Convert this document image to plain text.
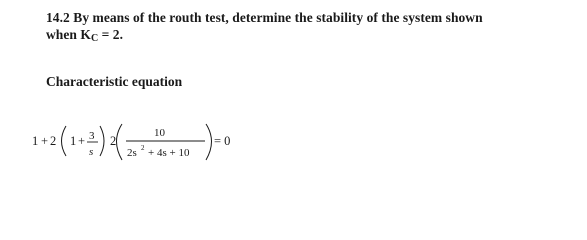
14.2 By means of the routh test, determine the stability of the system shown
when $K_C = 2$.
Characteristic equation
1 + 2 1 + 3
s
2
10
2s 2 + 4s + 10
= 0
